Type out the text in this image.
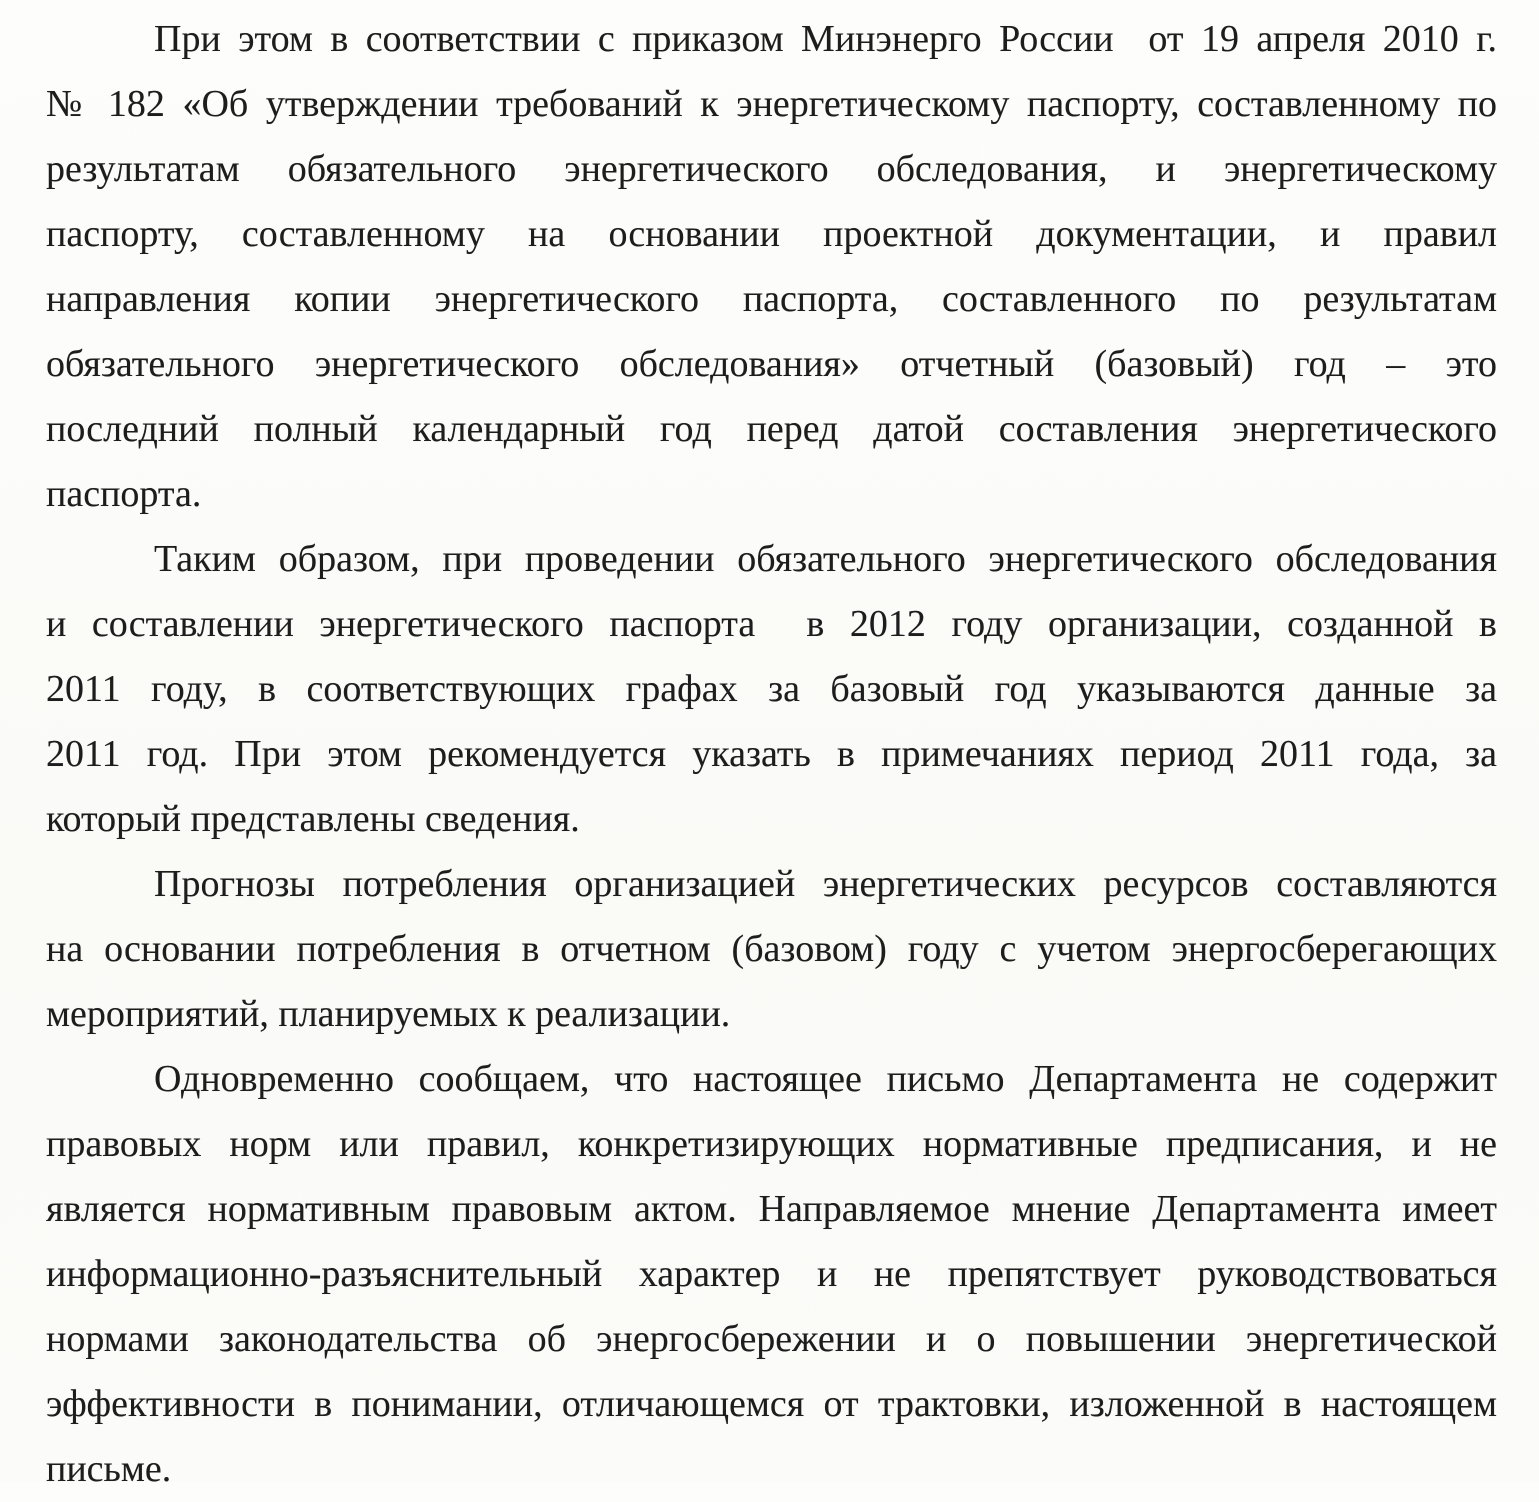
При этом в соответствии с приказом Минэнерго России  от 19 апреля 2010 г.
№ 182 «Об утверждении требований к энергетическому паспорту, составленному по
результатам обязательного энергетического обследования, и энергетическому
паспорту, составленному на основании проектной документации, и правил
направления копии энергетического паспорта, составленного по результатам
обязательного энергетического обследования» отчетный (базовый) год – это
последний полный календарный год перед датой составления энергетического
паспорта.
Таким образом, при проведении обязательного энергетического обследования
и составлении энергетического паспорта  в 2012 году организации, созданной в
2011 году, в соответствующих графах за базовый год указываются данные за
2011 год. При этом рекомендуется указать в примечаниях период 2011 года, за
который представлены сведения.
Прогнозы потребления организацией энергетических ресурсов составляются
на основании потребления в отчетном (базовом) году с учетом энергосберегающих
мероприятий, планируемых к реализации.
Одновременно сообщаем, что настоящее письмо Департамента не содержит
правовых норм или правил, конкретизирующих нормативные предписания, и не
является нормативным правовым актом. Направляемое мнение Департамента имеет
информационно-разъяснительный характер и не препятствует руководствоваться
нормами законодательства об энергосбережении и о повышении энергетической
эффективности в понимании, отличающемся от трактовки, изложенной в настоящем
письме.
